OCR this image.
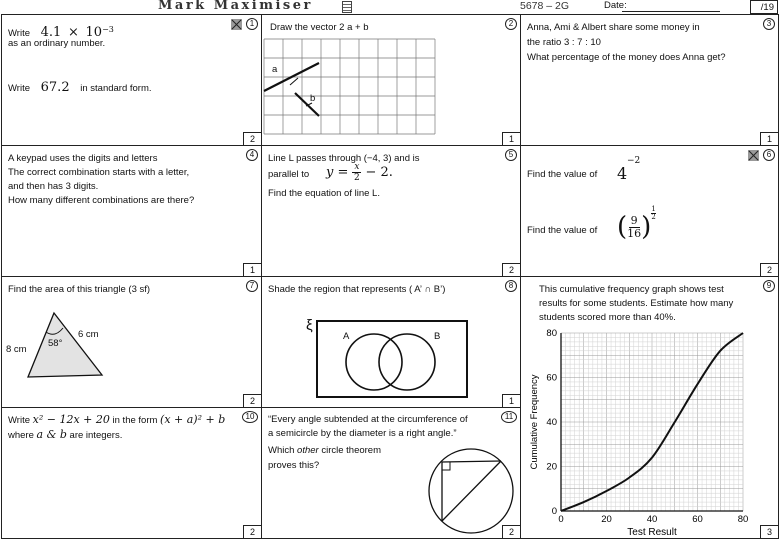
Mark Maximiser	5678 – 2G	Date:	/19
1
Write $4.1 \times 10^{-3}$
as an ordinary number.
Write 67.2 in standard form.
2
2
Draw the vector 2 a + b
a
b
1
3
Anna, Ami & Albert share some money in
the ratio 3 : 7 : 10
What percentage of the money does Anna get?
1
4
A keypad uses the digits and letters
The correct combination starts with a letter,
and then has 3 digits.
How many different combinations are there?
1
5
Line L passes through (−4, 3) and is
parallel to $y = \frac{x}{2} - 2$.
Find the equation of line L.
2
6
Find the value of 4
−2
Find the value of ( 9
16 )
1
2
2
7
Find the area of this triangle (3 sf)
6 cm
8 cm
58°
2
8
Shade the region that represents ( A’ ∩ B’)
ξ
A	B
1
9
This cumulative frequency graph shows test
results for some students. Estimate how many
students scored more than 40%.
0	20	40	60	80
0
20
40
60
80
Test Result
Cumulative Frequency
3
10
Write x² − 12x + 20 in the form (x + a)² + b
where a & b are integers.
2
11
“Every angle subtended at the circumference of
a semicircle by the diameter is a right angle.”
Which other circle theorem
proves this?
2
